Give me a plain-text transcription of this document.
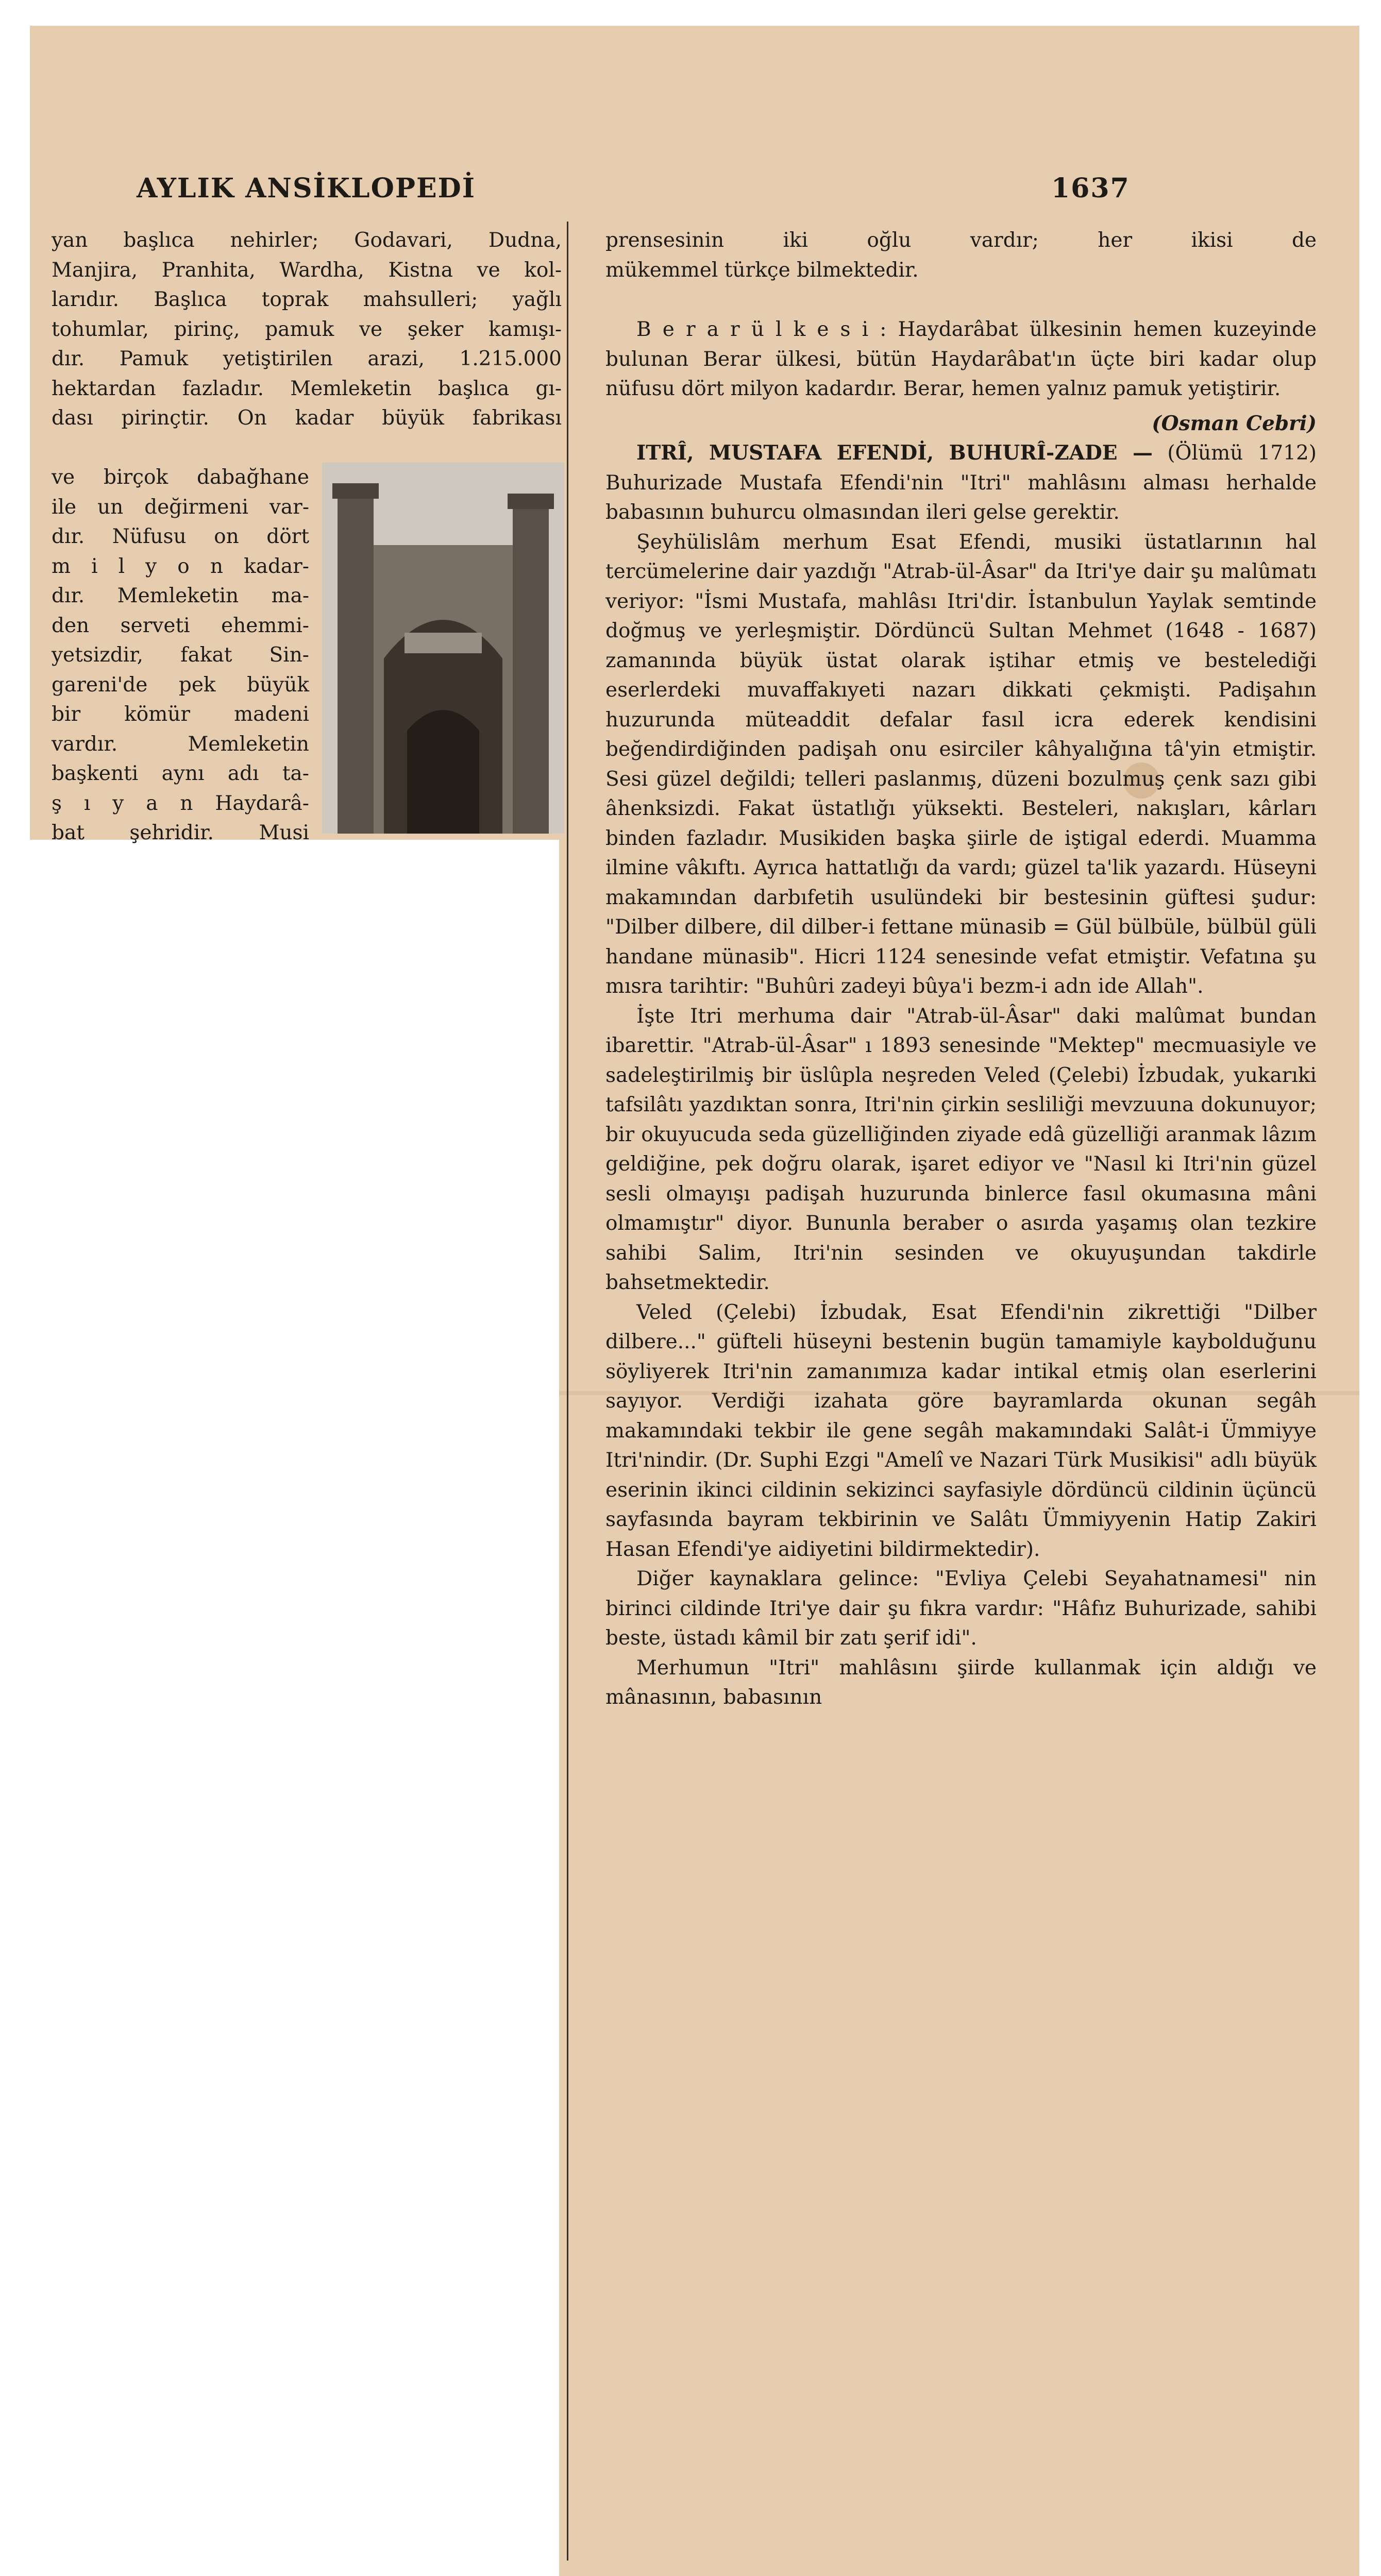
AYLIK ANSİKLOPEDİ	1637
yan başlıca nehirler; Godavari, Dudna,
Manjira, Pranhita, Wardha, Kistna ve kol-
larıdır. Başlıca toprak mahsulleri; yağlı
tohumlar, pirinç, pamuk ve şeker kamışı-
dır. Pamuk yetiştirilen arazi, 1.215.000
hektardan fazladır. Memleketin başlıca gı-
dası pirinçtir. On kadar büyük fabrikası
ve birçok dabağhane
ile un değirmeni var-
dır. Nüfusu on dört
m i l y o n kadar-
dır. Memleketin ma-
den serveti ehemmi-
yetsizdir, fakat Sin-
gareni'de pek büyük
bir kömür madeni
vardır. Memleketin
başkenti aynı adı ta-
ş ı y a n Haydarâ-
bat şehridir. Musi
prensesinin iki oğlu vardır; her ikisi de
mükemmel türkçe bilmektedir.

B e r a r ü l k e s i : Haydarâbat ülkesinin hemen kuzeyinde bulunan Berar ülkesi, bütün Haydarâbat'ın üçte biri kadar olup nüfusu dört milyon kadardır. Berar, hemen yalnız pamuk yetiştirir.

(Osman Cebri)

ITRÎ, MUSTAFA EFENDİ, BUHURÎ-ZADE — (Ölümü 1712) Buhurizade Mustafa Efendi'nin "Itri" mahlâsını alması herhalde babasının buhurcu olmasından ileri gelse gerektir.

Şeyhülislâm merhum Esat Efendi, musiki üstatlarının hal tercümelerine dair yazdığı "Atrab-ül-Âsar" da Itri'ye dair şu malûmatı veriyor: "İsmi Mustafa, mahlâsı Itri'dir. İstanbulun Yaylak semtinde doğmuş ve yerleşmiştir. Dördüncü Sultan Mehmet (1648 - 1687) zamanında büyük üstat olarak iştihar etmiş ve bestelediği eserlerdeki muvaffakıyeti nazarı dikkati çekmişti. Padişahın huzurunda müteaddit defalar fasıl icra ederek kendisini beğendirdiğinden padişah onu esirciler kâhyalığına tâ'yin etmiştir. Sesi güzel değildi; telleri paslanmış, düzeni bozulmuş çenk sazı gibi âhenksizdi. Fakat üstatlığı yüksekti. Besteleri, nakışları, kârları binden fazladır. Musikiden başka şiirle de iştigal ederdi. Muamma ilmine vâkıftı. Ayrıca hattatlığı da vardı; güzel ta'lik yazardı. Hüseyni makamından darbıfetih usulündeki bir bestesinin güftesi şudur: "Dilber dilbere, dil dilber-i fettane münasib = Gül bülbüle, bülbül güli handane münasib". Hicri 1124 senesinde vefat etmiştir. Vefatına şu mısra tarihtir: "Buhûri zadeyi bûya'i bezm-i adn ide Allah".

İşte Itri merhuma dair "Atrab-ül-Âsar" daki malûmat bundan ibarettir. "Atrab-ül-Âsar" ı 1893 senesinde "Mektep" mecmuasiyle ve sadeleştirilmiş bir üslûpla neşreden Veled (Çelebi) İzbudak, yukarıki tafsilâtı yazdıktan sonra, Itri'nin çirkin sesliliği mevzuuna dokunuyor; bir okuyucuda seda güzelliğinden ziyade edâ güzelliği aranmak lâzım geldiğine, pek doğru olarak, işaret ediyor ve "Nasıl ki Itri'nin güzel sesli olmayışı padişah huzurunda binlerce fasıl okumasına mâni olmamıştır" diyor. Bununla beraber o asırda yaşamış olan tezkire sahibi Salim, Itri'nin sesinden ve okuyuşundan takdirle bahsetmektedir.

Veled (Çelebi) İzbudak, Esat Efendi'nin zikrettiği "Dilber dilbere..." güfteli hüseyni bestenin bugün tamamiyle kaybolduğunu söyliyerek Itri'nin zamanımıza kadar intikal etmiş olan eserlerini sayıyor. Verdiği izahata göre bayramlarda okunan segâh makamındaki tekbir ile gene segâh makamındaki Salât-i Ümmiyye Itri'nindir. (Dr. Suphi Ezgi "Amelî ve Nazari Türk Musikisi" adlı büyük eserinin ikinci cildinin sekizinci sayfasiyle dördüncü cildinin üçüncü sayfasında bayram tekbirinin ve Salâtı Ümmiyyenin Hatip Zakiri Hasan Efendi'ye aidiyetini bildirmektedir).

Diğer kaynaklara gelince: "Evliya Çelebi Seyahatnamesi" nin birinci cildinde Itri'ye dair şu fıkra vardır: "Hâfız Buhurizade, sahibi beste, üstadı kâmil bir zatı şerif idi".

Merhumun "Itri" mahlâsını şiirde kullanmak için aldığı ve mânasının, babasının
